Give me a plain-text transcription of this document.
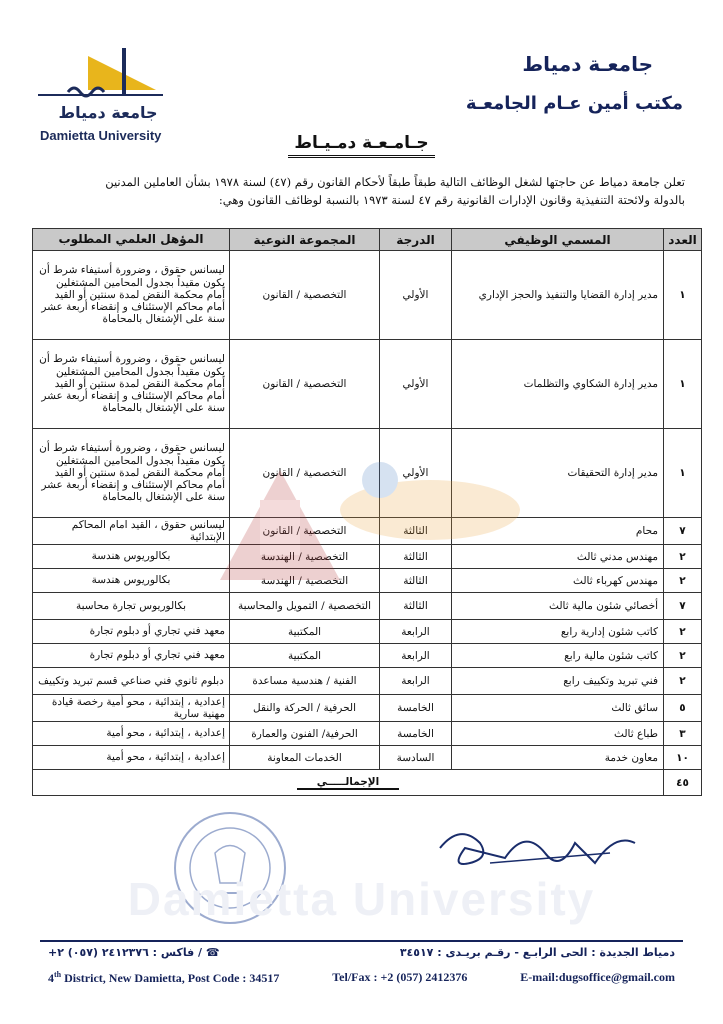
جامعة دمياط
Damietta University
جامعـة دمياط
مكتب أمين عـام الجامعـة
جـامـعـة دمـيـاط
تعلن جامعة دمياط عن حاجتها لشغل الوظائف التالية طبقاً طبقاً لأحكام القانون رقم (٤٧) لسنة ١٩٧٨ بشأن العاملين المدنين
بالدولة ولائحتة التنفيذية وقانون الإدارات القانونية رقم ٤٧ لسنة ١٩٧٣ بالنسبة لوظائف القانون وهي:
العدد	المسمي الوظيفي	الدرجة	المجموعة النوعية	المؤهل العلمي المطلوب
١	مدير إدارة القضايا والتنفيذ والحجز الإداري	الأولي	التخصصية / القانون	ليسانس حقوق ، وضرورة أستيفاء شرط أن يكون مقيداً بجدول المحامين المشتغلين أمام محكمة النقض لمدة سنتين أو القيد أمام محاكم الإستئناف و إنقضاء أربعة عشر سنة على الإشتغال بالمحاماة
١	مدير إدارة الشكاوي والتظلمات	الأولي	التخصصية / القانون	ليسانس حقوق ، وضرورة أستيفاء شرط أن يكون مقيداً بجدول المحامين المشتغلين أمام محكمة النقض لمدة سنتين أو القيد أمام محاكم الإستئناف و إنقضاء أربعة عشر سنة على الإشتغال بالمحاماة
١	مدير إدارة التحقيقات	الأولي	التخصصية / القانون	ليسانس حقوق ، وضرورة أستيفاء شرط أن يكون مقيداً بجدول المحامين المشتغلين أمام محكمة النقض لمدة سنتين أو القيد أمام محاكم الإستئناف و إنقضاء أربعة عشر سنة على الإشتغال بالمحاماة
٧	محام	الثالثة	التخصصية / القانون	ليسانس حقوق ، القيد امام المحاكم الإبتدائية
٢	مهندس مدني ثالث	الثالثة	التخصصية / الهندسة	بكالوريوس هندسة
٢	مهندس كهرباء ثالث	الثالثة	التخصصية / الهندسة	بكالوريوس هندسة
٧	أخصائي شئون مالية ثالث	الثالثة	التخصصية / التمويل والمحاسبة	بكالوريوس تجارة محاسبة
٢	كاتب شئون إدارية رابع	الرابعة	المكتبية	معهد فني تجاري أو دبلوم تجارة
٢	كاتب شئون مالية رابع	الرابعة	المكتبية	معهد فني تجاري أو دبلوم تجارة
٢	فني تبريد وتكييف رابع	الرابعة	الفنية / هندسية مساعدة	دبلوم ثانوي فني صناعي قسم تبريد وتكييف
٥	سائق ثالث	الخامسة	الحرفية / الحركة والنقل	إعدادية ، إبتدائية ، محو أمية رخصة قيادة مهنية سارية
٣	طباع ثالث	الخامسة	الحرفية/ الفنون والعمارة	إعدادية ، إبتدائية ، محو أمية
١٠	معاون خدمة	السادسة	الخدمات المعاونة	إعدادية ، إبتدائية ، محو أمية
٤٥	الإجمالـــــي			
Damietta University
دمياط الجديدة : الحى الرابـع - رقـم بريـدى : ٣٤٥١٧
☎ / فاكس : ٢٤١٢٣٧٦ (٠٥٧) ٢+
4th District, New Damietta, Post Code : 34517	Tel/Fax : +2 (057) 2412376	E-mail:dugsoffice@gmail.com
